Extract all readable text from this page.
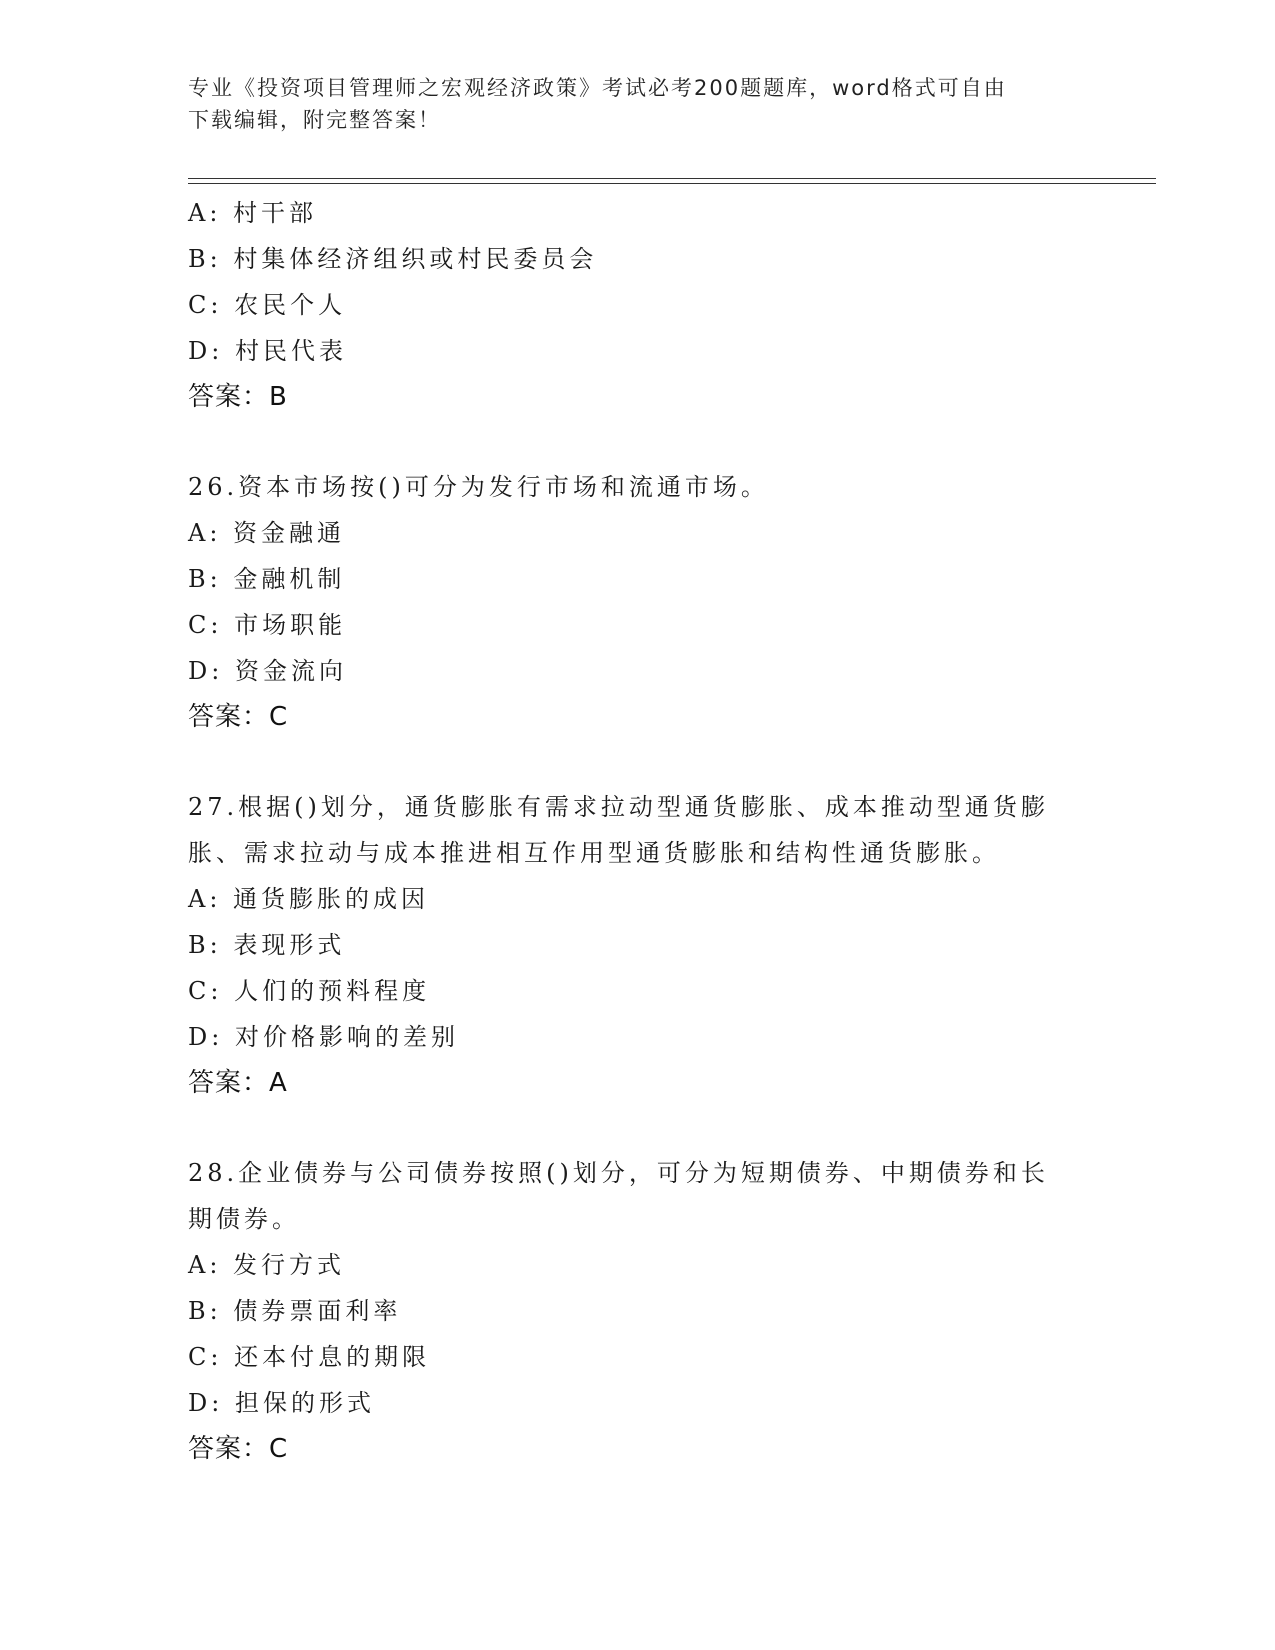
专业《投资项目管理师之宏观经济政策》考试必考200题题库，word格式可自由
下载编辑，附完整答案！
A: 村干部
B: 村集体经济组织或村民委员会
C: 农民个人
D: 村民代表
答案：B
26.资本市场按()可分为发行市场和流通市场。
A: 资金融通
B: 金融机制
C: 市场职能
D: 资金流向
答案：C
27.根据()划分，通货膨胀有需求拉动型通货膨胀、成本推动型通货膨
胀、需求拉动与成本推进相互作用型通货膨胀和结构性通货膨胀。
A: 通货膨胀的成因
B: 表现形式
C: 人们的预料程度
D: 对价格影响的差别
答案：A
28.企业债券与公司债券按照()划分，可分为短期债券、中期债券和长
期债券。
A: 发行方式
B: 债券票面利率
C: 还本付息的期限
D: 担保的形式
答案：C
